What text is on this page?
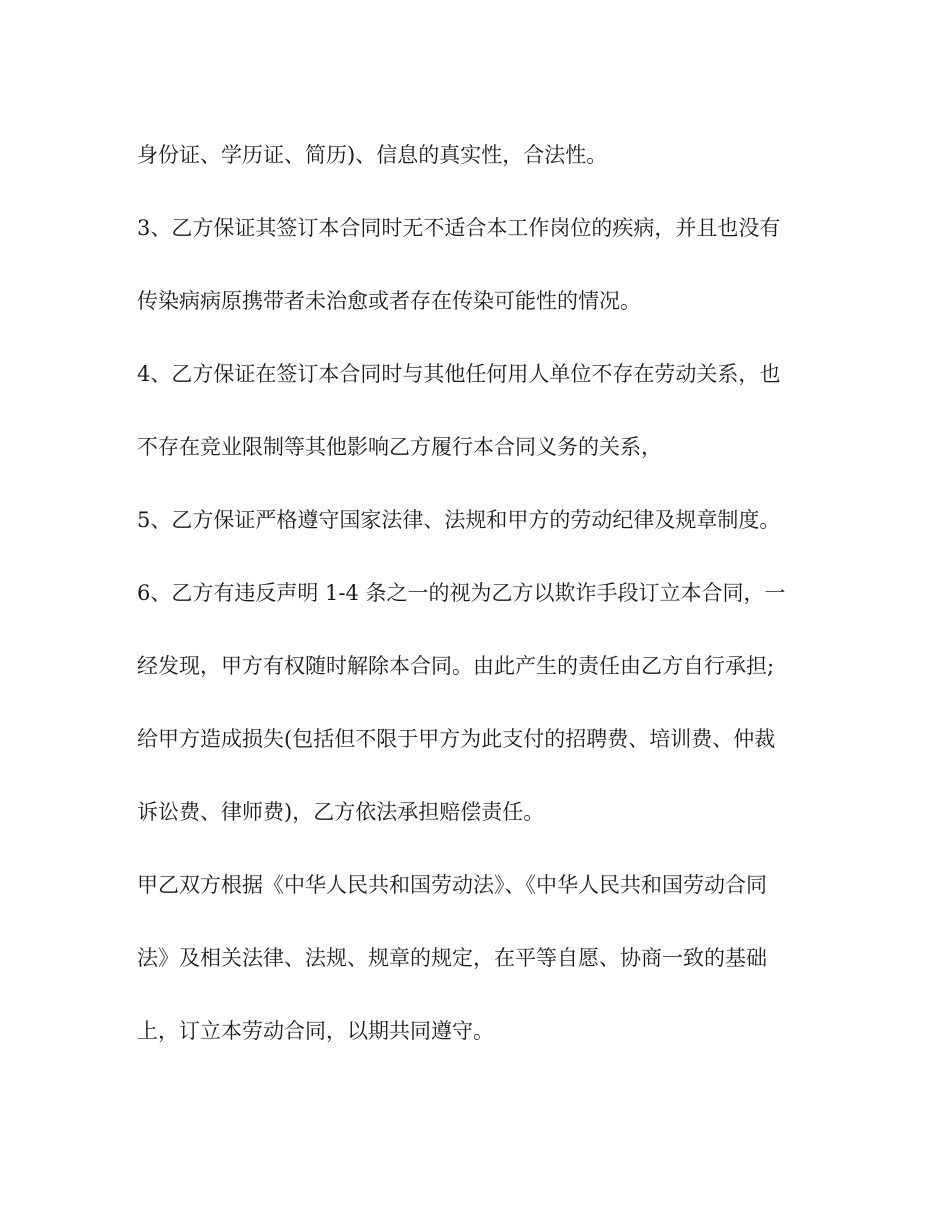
身份证、学历证、简历)、信息的真实性，合法性。
3、乙方保证其签订本合同时无不适合本工作岗位的疾病，并且也没有
传染病病原携带者未治愈或者存在传染可能性的情况。
4、乙方保证在签订本合同时与其他任何用人单位不存在劳动关系，也
不存在竞业限制等其他影响乙方履行本合同义务的关系，
5、乙方保证严格遵守国家法律、法规和甲方的劳动纪律及规章制度。
6、乙方有违反声明 1-4 条之一的视为乙方以欺诈手段订立本合同，一
经发现，甲方有权随时解除本合同。由此产生的责任由乙方自行承担;
给甲方造成损失(包括但不限于甲方为此支付的招聘费、培训费、仲裁
诉讼费、律师费)，乙方依法承担赔偿责任。
甲乙双方根据《中华人民共和国劳动法》、《中华人民共和国劳动合同
法》及相关法律、法规、规章的规定，在平等自愿、协商一致的基础
上，订立本劳动合同，以期共同遵守。
